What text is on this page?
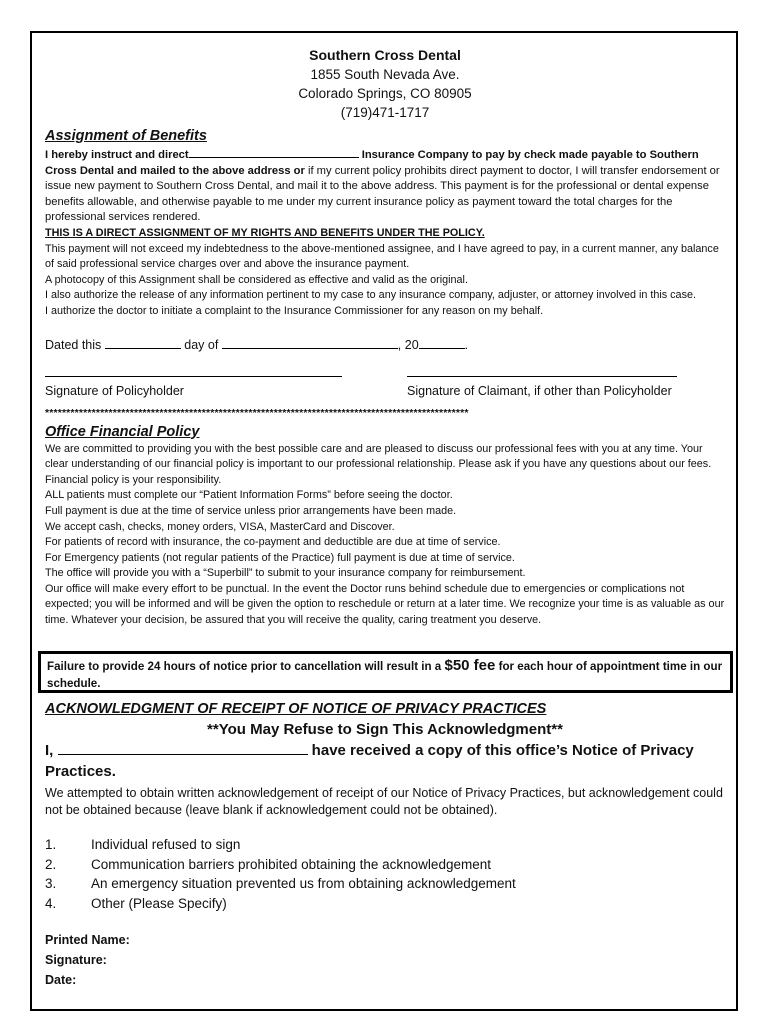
Southern Cross Dental
1855 South Nevada Ave.
Colorado Springs, CO 80905
(719)471-1717
Assignment of Benefits

I hereby instruct and direct	Insurance Company to pay by check made payable to Southern Cross Dental and mailed to the above address or if my current policy prohibits direct payment to doctor, I will transfer endorsement or issue new payment to Southern Cross Dental, and mail it to the above address. This payment is for the professional or dental expense benefits allowable, and otherwise payable to me under my current insurance policy as payment toward the total charges for the professional services rendered.

THIS IS A DIRECT ASSIGNMENT OF MY RIGHTS AND BENEFITS UNDER THE POLICY.

This payment will not exceed my indebtedness to the above-mentioned assignee, and I have agreed to pay, in a current manner, any balance of said professional service charges over and above the insurance payment.

A photocopy of this Assignment shall be considered as effective and valid as the original.

I also authorize the release of any information pertinent to my case to any insurance company, adjuster, or attorney involved in this case.

I authorize the doctor to initiate a complaint to the Insurance Commissioner for any reason on my behalf.

Dated this	day of	, 20	.
Signature of Policyholder	Signature of Claimant, if other than Policyholder
****************************************************************************************************
Office Financial Policy

We are committed to providing you with the best possible care and are pleased to discuss our professional fees with you at any time. Your clear understanding of our financial policy is important to our professional relationship. Please ask if you have any questions about our fees. Financial policy is your responsibility.

ALL patients must complete our “Patient Information Forms” before seeing the doctor.

Full payment is due at the time of service unless prior arrangements have been made.

We accept cash, checks, money orders, VISA, MasterCard and Discover.

For patients of record with insurance, the co-payment and deductible are due at time of service.

For Emergency patients (not regular patients of the Practice) full payment is due at time of service.

The office will provide you with a “Superbill” to submit to your insurance company for reimbursement.

Our office will make every effort to be punctual. In the event the Doctor runs behind schedule due to emergencies or complications not expected; you will be informed and will be given the option to reschedule or return at a later time. We recognize your time is as valuable as our time. Whatever your decision, be assured that you will receive the quality, caring treatment you deserve.

Failure to provide 24 hours of notice prior to cancellation will result in a $50 fee for each hour of appointment time in our schedule.
ACKNOWLEDGMENT OF RECEIPT OF NOTICE OF PRIVACY PRACTICES
**You May Refuse to Sign This Acknowledgment**
I,	have received a copy of this office’s Notice of Privacy Practices.

We attempted to obtain written acknowledgement of receipt of our Notice of Privacy Practices, but acknowledgement could not be obtained because (leave blank if acknowledgement could not be obtained).

1.	Individual refused to sign
2.	Communication barriers prohibited obtaining the acknowledgement
3.	An emergency situation prevented us from obtaining acknowledgement
4.	Other (Please Specify)
Printed Name:
Signature:
Date:
